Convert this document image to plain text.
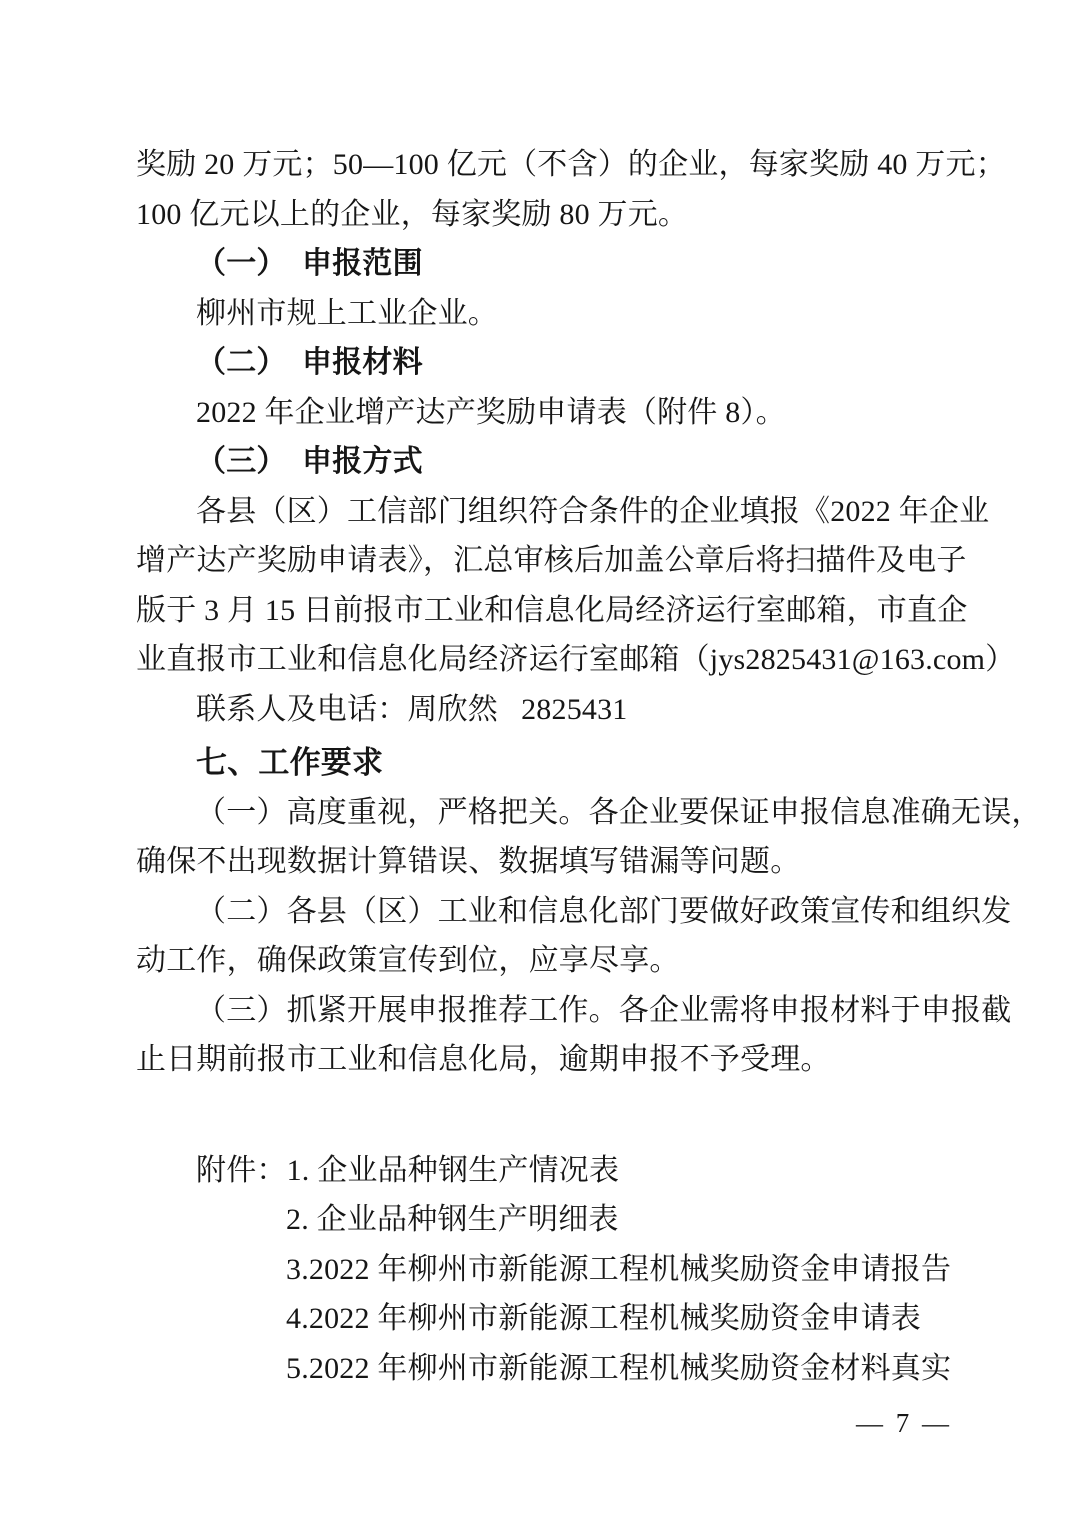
奖励 20 万元；50—100 亿元（不含）的企业，每家奖励 40 万元；
100 亿元以上的企业，每家奖励 80 万元。
（一）  申报范围
柳州市规上工业企业。
（二）  申报材料
2022 年企业增产达产奖励申请表（附件 8）。
（三）  申报方式
各县（区）工信部门组织符合条件的企业填报《2022 年企业
增产达产奖励申请表》，汇总审核后加盖公章后将扫描件及电子
版于 3 月 15 日前报市工业和信息化局经济运行室邮箱，市直企
业直报市工业和信息化局经济运行室邮箱（jys2825431@163.com）
联系人及电话：周欣然   2825431
七、工作要求
（一）高度重视，严格把关。各企业要保证申报信息准确无误，
确保不出现数据计算错误、数据填写错漏等问题。
（二）各县（区）工业和信息化部门要做好政策宣传和组织发
动工作，确保政策宣传到位，应享尽享。
（三）抓紧开展申报推荐工作。各企业需将申报材料于申报截
止日期前报市工业和信息化局，逾期申报不予受理。
附件：1. 企业品种钢生产情况表
2. 企业品种钢生产明细表
3.2022 年柳州市新能源工程机械奖励资金申请报告
4.2022 年柳州市新能源工程机械奖励资金申请表
5.2022 年柳州市新能源工程机械奖励资金材料真实
— 7 —
